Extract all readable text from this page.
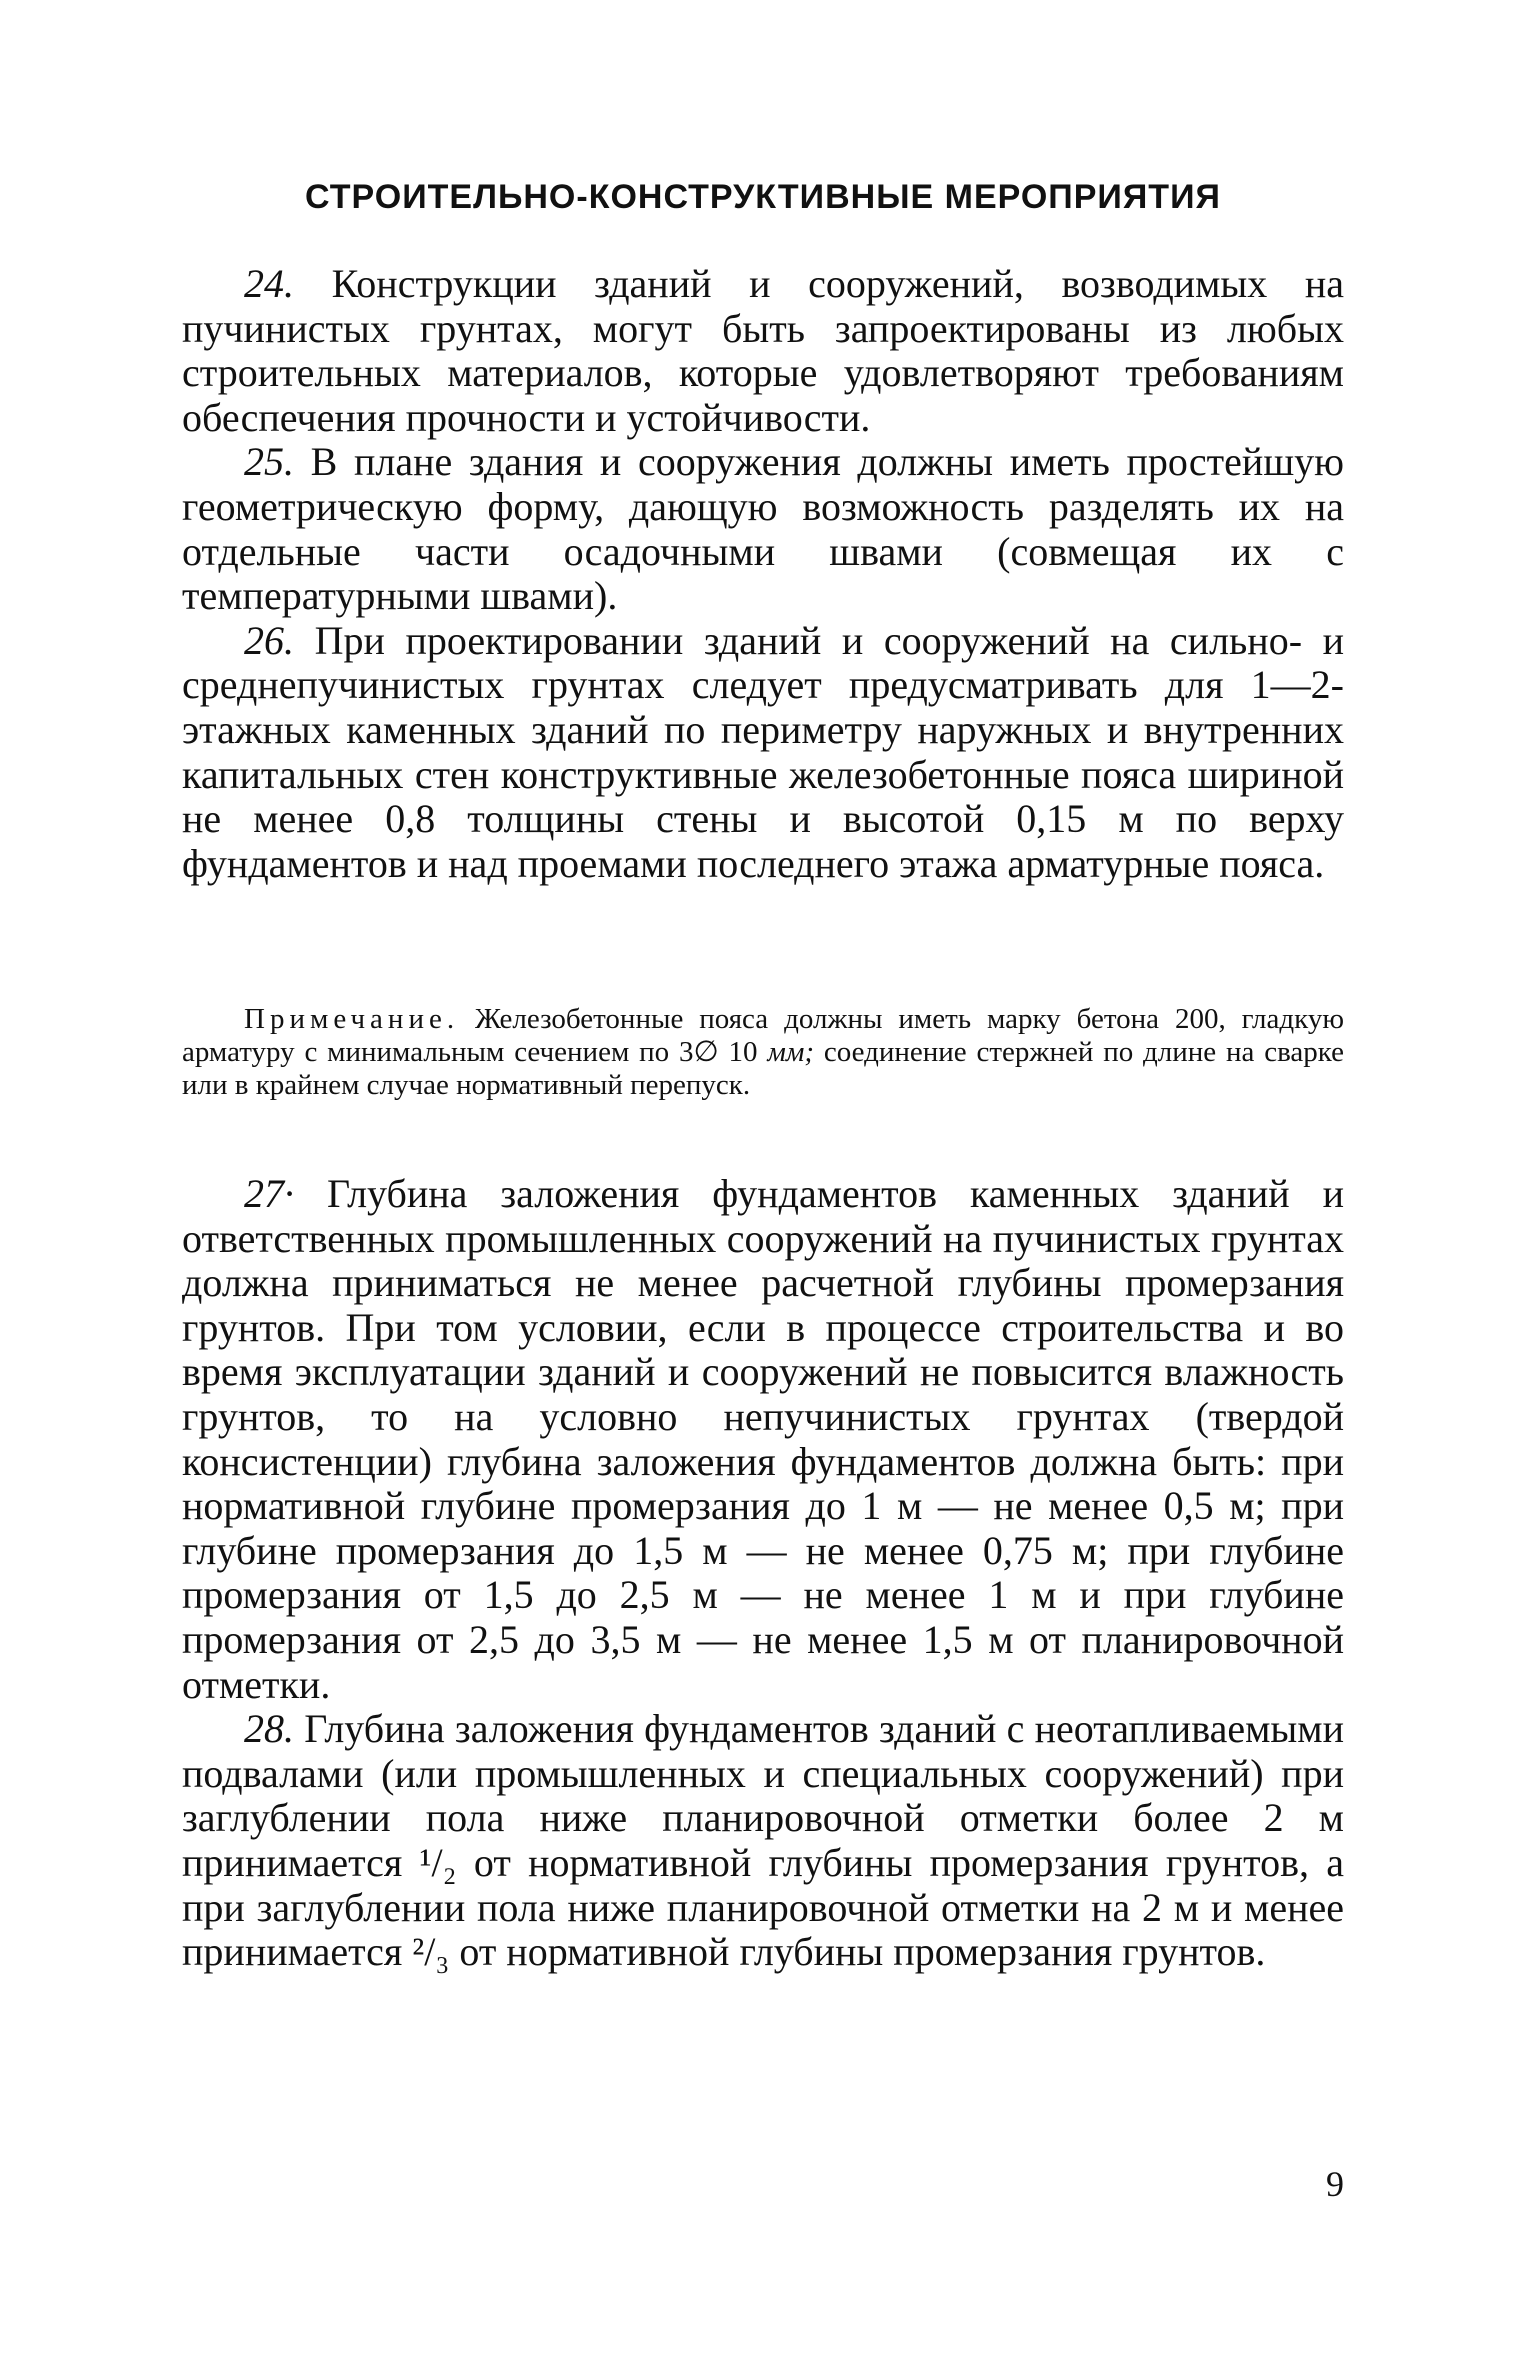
СТРОИТЕЛЬНО-КОНСТРУКТИВНЫЕ МЕРОПРИЯТИЯ

24. Конструкции зданий и сооружений, возводимых на пучинистых грунтах, могут быть запроектированы из любых строительных материалов, которые удовлетворяют требованиям обеспечения прочности и устойчивости.

25. В плане здания и сооружения должны иметь простейшую геометрическую форму, дающую возможность разделять их на отдельные части осадочными швами (совмещая их с температурными швами).

26. При проектировании зданий и сооружений на сильно- и среднепучинистых грунтах следует предусматривать для 1—2-этажных каменных зданий по периметру наружных и внутренних капитальных стен конструктивные железобетонные пояса шириной не менее 0,8 толщины стены и высотой 0,15 м по верху фундаментов и над проемами последнего этажа арматурные пояса.

Примечание. Железобетонные пояса должны иметь марку бетона 200, гладкую арматуру с минимальным сечением по 3∅ 10 мм; соединение стержней по длине на сварке или в крайнем случае нормативный перепуск.

27· Глубина заложения фундаментов каменных зданий и ответственных промышленных сооружений на пучинистых грунтах должна приниматься не менее расчетной глубины промерзания грунтов. При том условии, если в процессе строительства и во время эксплуатации зданий и сооружений не повысится влажность грунтов, то на условно непучинистых грунтах (твердой консистенции) глубина заложения фундаментов должна быть: при нормативной глубине промерзания до 1 м — не менее 0,5 м; при глубине промерзания до 1,5 м — не менее 0,75 м; при глубине промерзания от 1,5 до 2,5 м — не менее 1 м и при глубине промерзания от 2,5 до 3,5 м — не менее 1,5 м от планировочной отметки.

28. Глубина заложения фундаментов зданий с неотапливаемыми подвалами (или промышленных и специальных сооружений) при заглублении пола ниже планировочной отметки более 2 м принимается ¹/₂ от нормативной глубины промерзания грунтов, а при заглублении пола ниже планировочной отметки на 2 м и менее принимается ²/₃ от нормативной глубины промерзания грунтов.

9
